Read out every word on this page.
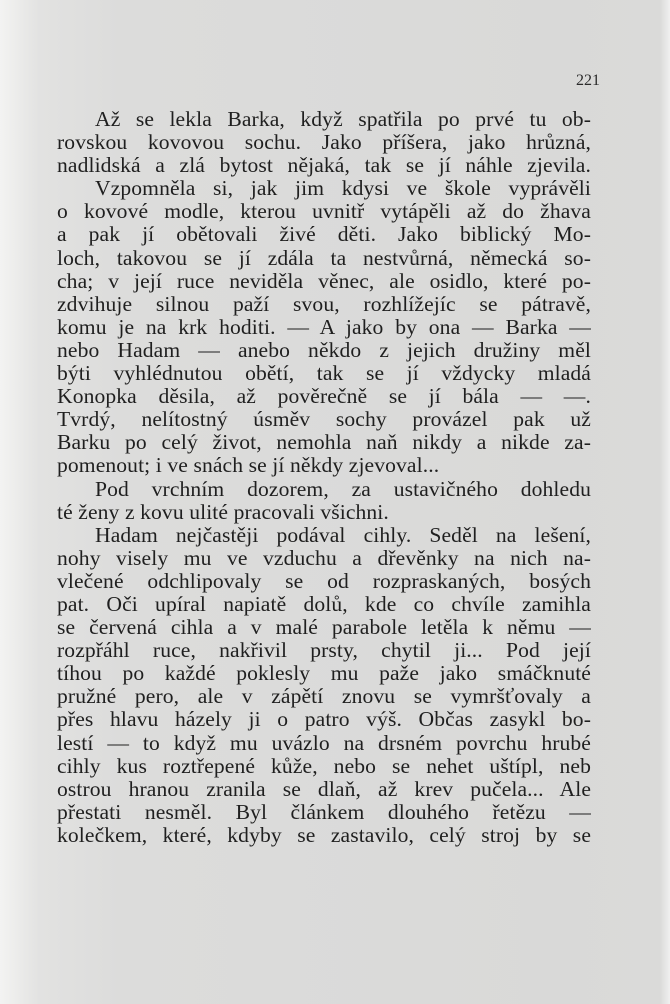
221
Až se lekla Barka, když spatřila po prvé tu ob-
rovskou kovovou sochu. Jako příšera, jako hrůzná,
nadlidská a zlá bytost nějaká, tak se jí náhle zjevila.
Vzpomněla si, jak jim kdysi ve škole vyprávěli
o kovové modle, kterou uvnitř vytápěli až do žhava
a pak jí obětovali živé děti. Jako biblický Mo-
loch, takovou se jí zdála ta nestvůrná, německá so-
cha; v její ruce neviděla věnec, ale osidlo, které po-
zdvihuje silnou paží svou, rozhlížejíc se pátravě,
komu je na krk hoditi. — A jako by ona — Barka —
nebo Hadam — anebo někdo z jejich družiny měl
býti vyhlédnutou obětí, tak se jí vždycky mladá
Konopka děsila, až pověrečně se jí bála — —.
Tvrdý, nelítostný úsměv sochy provázel pak už
Barku po celý život, nemohla naň nikdy a nikde za-
pomenout; i ve snách se jí někdy zjevoval...
Pod vrchním dozorem, za ustavičného dohledu
té ženy z kovu ulité pracovali všichni.
Hadam nejčastěji podával cihly. Seděl na lešení,
nohy visely mu ve vzduchu a dřevěnky na nich na-
vlečené odchlipovaly se od rozpraskaných, bosých
pat. Oči upíral napiatě dolů, kde co chvíle zamihla
se červená cihla a v malé parabole letěla k němu —
rozpřáhl ruce, nakřivil prsty, chytil ji... Pod její
tíhou po každé poklesly mu paže jako smáčknuté
pružné pero, ale v zápětí znovu se vymršťovaly a
přes hlavu házely ji o patro výš. Občas zasykl bo-
lestí — to když mu uvázlo na drsném povrchu hrubé
cihly kus roztřepené kůže, nebo se nehet uštípl, neb
ostrou hranou zranila se dlaň, až krev pučela... Ale
přestati nesměl. Byl článkem dlouhého řetězu —
kolečkem, které, kdyby se zastavilo, celý stroj by se
